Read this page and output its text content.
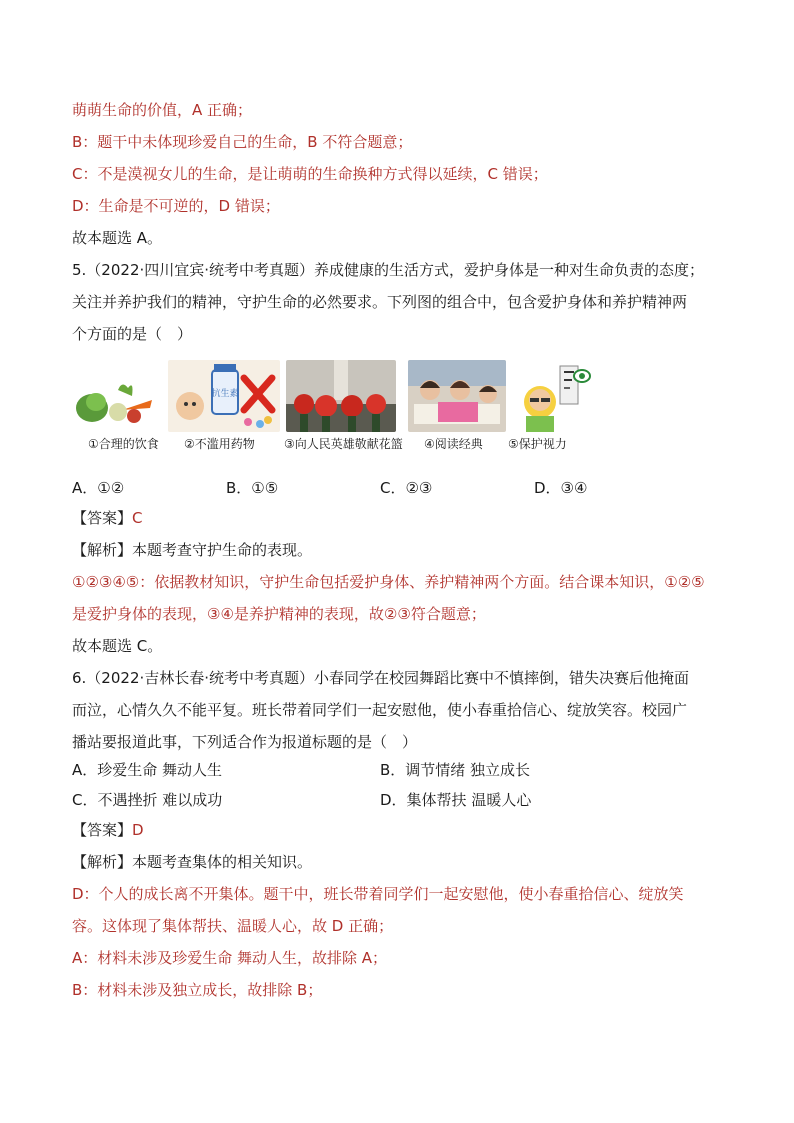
萌萌生命的价值，A 正确；
B：题干中未体现珍爱自己的生命，B 不符合题意；
C：不是漠视女儿的生命，是让萌萌的生命换种方式得以延续，C 错误；
D：生命是不可逆的，D 错误；
故本题选 A。
5.（2022·四川宜宾·统考中考真题）养成健康的生活方式，爱护身体是一种对生命负责的态度；
关注并养护我们的精神，守护生命的必然要求。下列图的组合中，包含爱护身体和养护精神两
个方面的是（　）
抗生素
①合理的饮食 ②不滥用药物 ③向人民英雄敬献花篮 ④阅读经典 ⑤保护视力
A．①②	B．①⑤	C．②③	D．③④
【答案】C
【解析】本题考查守护生命的表现。
①②③④⑤：依据教材知识，守护生命包括爱护身体、养护精神两个方面。结合课本知识，①②⑤
是爱护身体的表现，③④是养护精神的表现，故②③符合题意；
故本题选 C。
6.（2022·吉林长春·统考中考真题）小春同学在校园舞蹈比赛中不慎摔倒，错失决赛后他掩面
而泣，心情久久不能平复。班长带着同学们一起安慰他，使小春重拾信心、绽放笑容。校园广
播站要报道此事，下列适合作为报道标题的是（　）
A．珍爱生命 舞动人生	B．调节情绪 独立成长
C．不遇挫折 难以成功	D．集体帮扶 温暖人心
【答案】D
【解析】本题考查集体的相关知识。
D：个人的成长离不开集体。题干中，班长带着同学们一起安慰他，使小春重拾信心、绽放笑
容。这体现了集体帮扶、温暖人心，故 D 正确；
A：材料未涉及珍爱生命 舞动人生，故排除 A；
B：材料未涉及独立成长，故排除 B；
